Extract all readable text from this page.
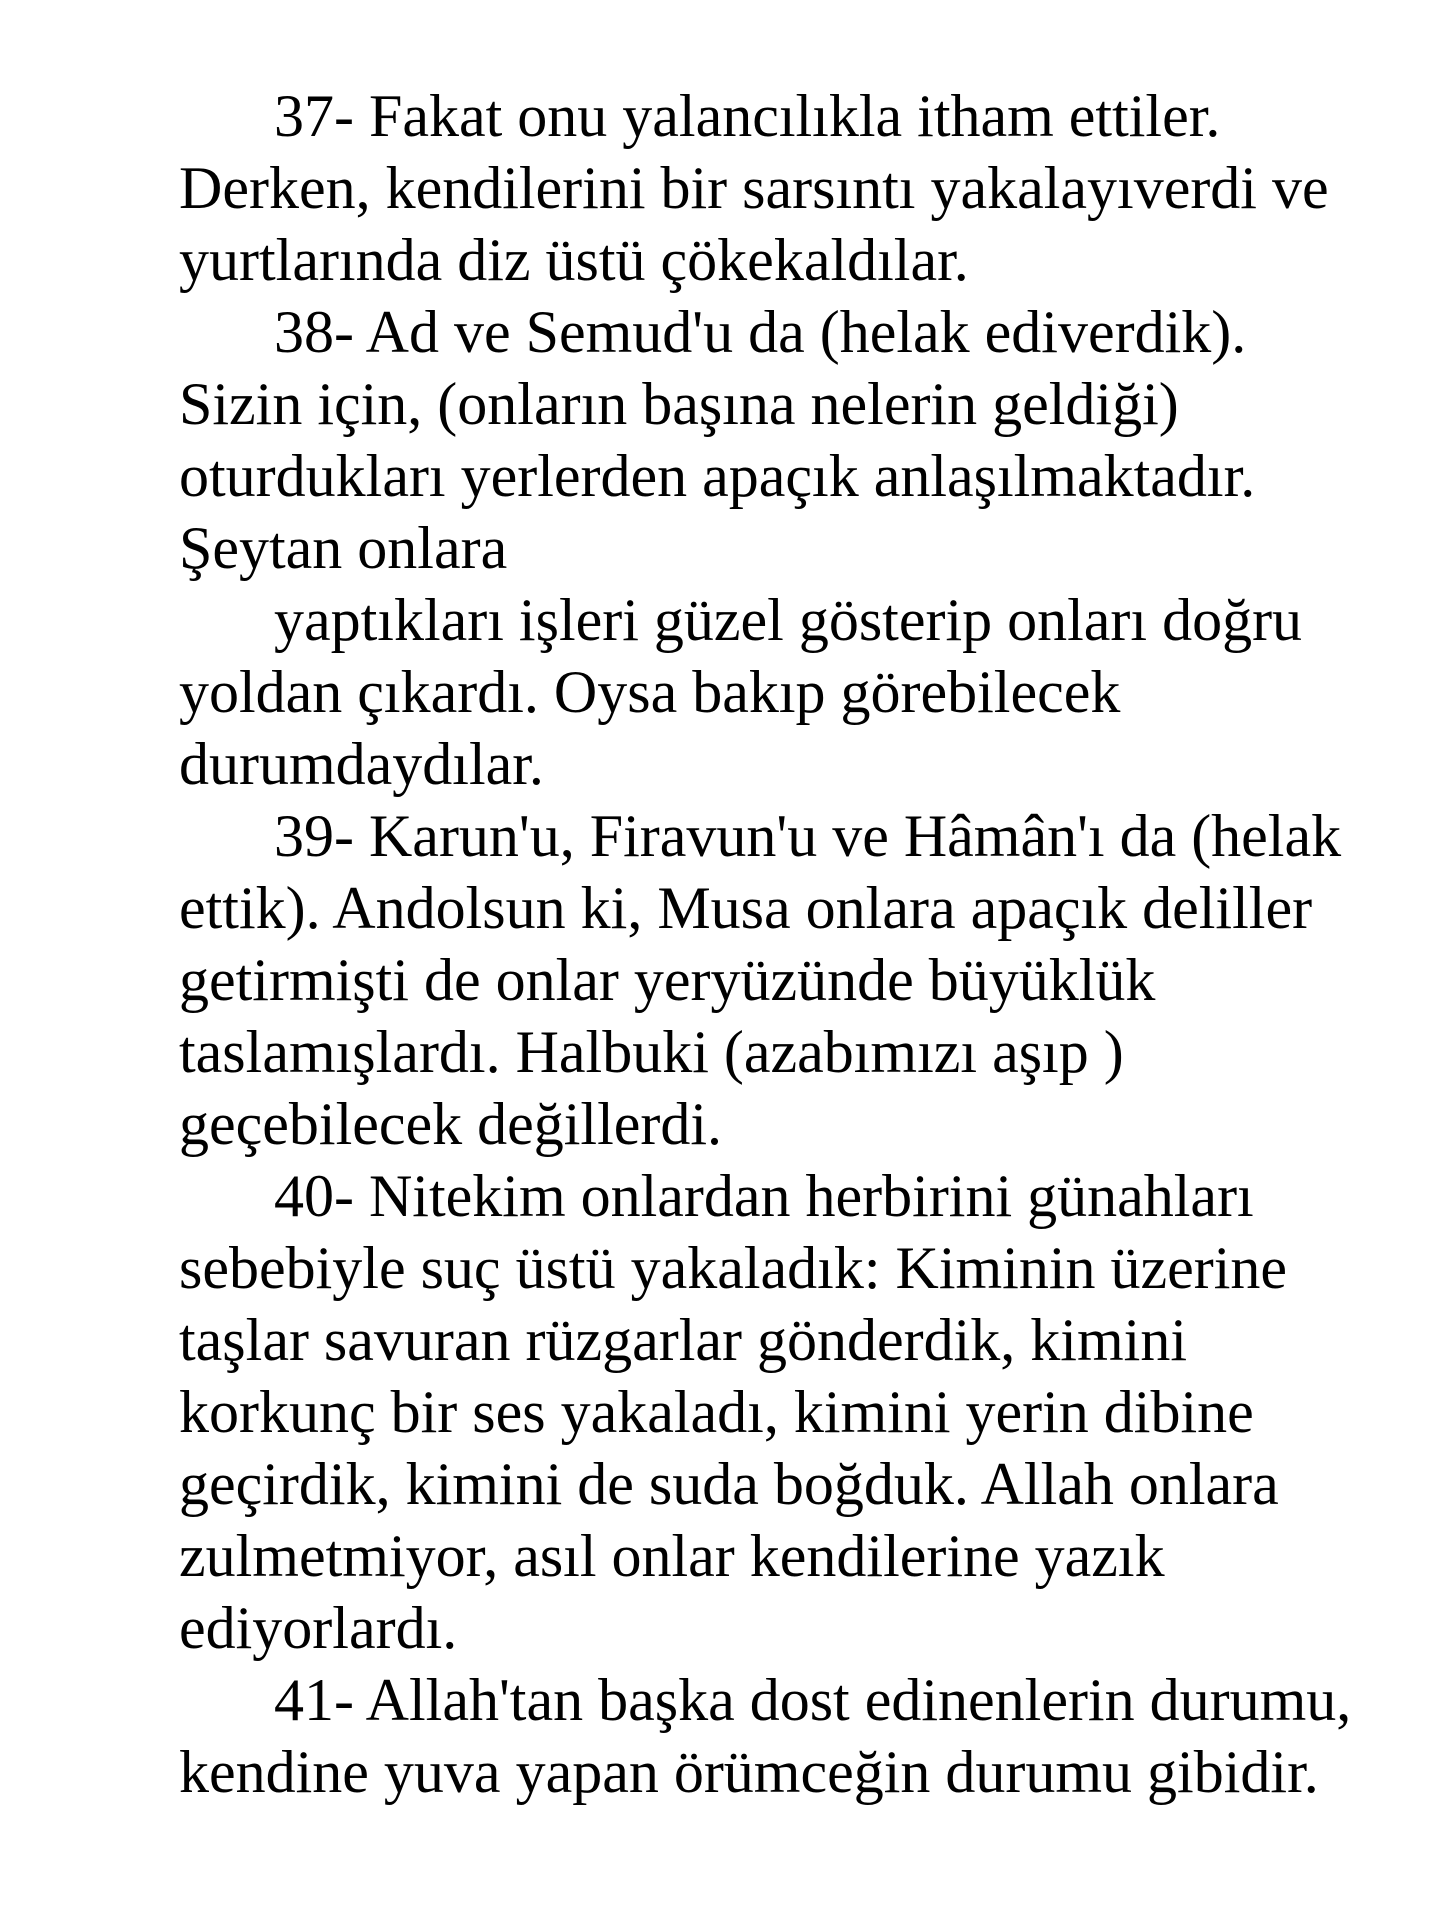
37- Fakat onu yalancılıkla itham ettiler.
Derken, kendilerini bir sarsıntı yakalayıverdi ve
yurtlarında diz üstü çökekaldılar.
38- Ad ve Semud'u da (helak ediverdik).
Sizin için, (onların başına nelerin geldiği)
oturdukları yerlerden apaçık anlaşılmaktadır.
Şeytan onlara
yaptıkları işleri güzel gösterip onları doğru
yoldan çıkardı. Oysa bakıp görebilecek
durumdaydılar.
39- Karun'u, Firavun'u ve Hâmân'ı da (helak
ettik). Andolsun ki, Musa onlara apaçık deliller
getirmişti de onlar yeryüzünde büyüklük
taslamışlardı. Halbuki (azabımızı aşıp )
geçebilecek değillerdi.
40- Nitekim onlardan herbirini günahları
sebebiyle suç üstü yakaladık: Kiminin üzerine
taşlar savuran rüzgarlar gönderdik, kimini
korkunç bir ses yakaladı, kimini yerin dibine
geçirdik, kimini de suda boğduk. Allah onlara
zulmetmiyor, asıl onlar kendilerine yazık
ediyorlardı.
41- Allah'tan başka dost edinenlerin durumu,
kendine yuva yapan örümceğin durumu gibidir.
